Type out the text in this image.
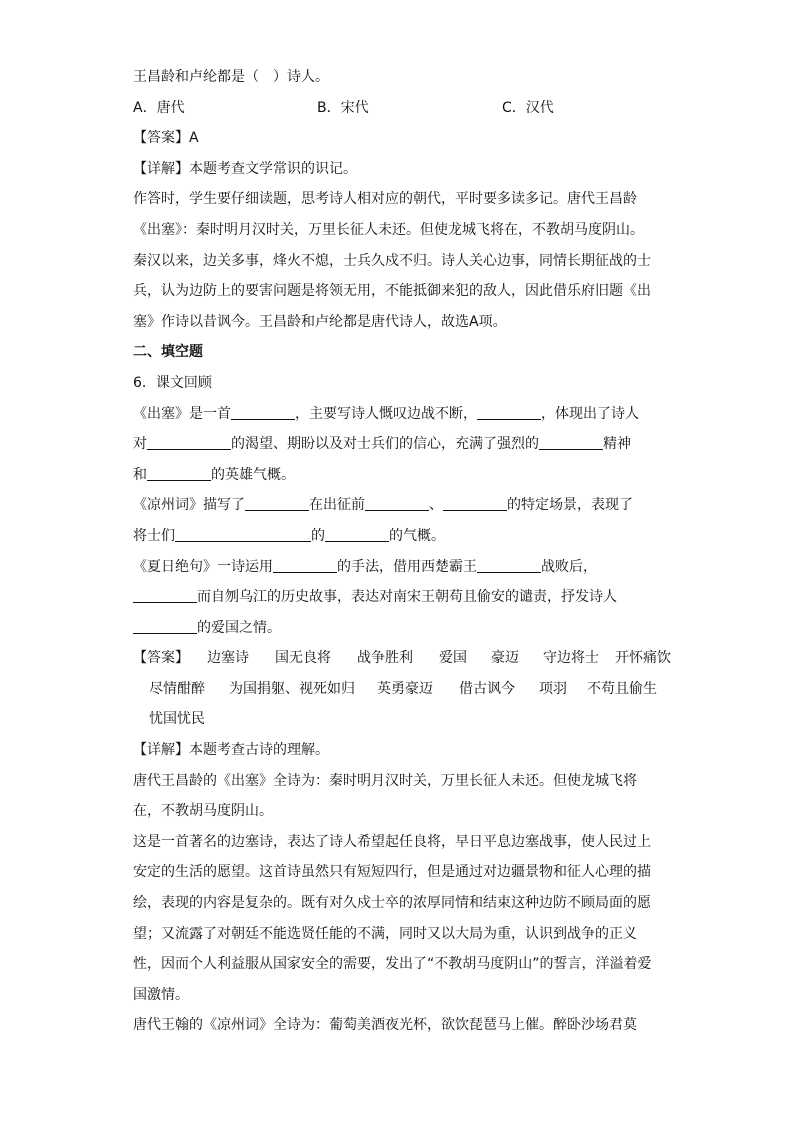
王昌龄和卢纶都是（　）诗人。
A．唐代	B．宋代	C．汉代
【答案】A
【详解】本题考查文学常识的识记。
作答时，学生要仔细读题，思考诗人相对应的朝代，平时要多读多记。唐代王昌龄
《出塞》：秦时明月汉时关，万里长征人未还。但使龙城飞将在，不教胡马度阴山。
秦汉以来，边关多事，烽火不熄，士兵久戍不归。诗人关心边事，同情长期征战的士
兵，认为边防上的要害问题是将领无用，不能抵御来犯的敌人，因此借乐府旧题《出
塞》作诗以昔讽今。王昌龄和卢纶都是唐代诗人，故选A项。
二、填空题
6．课文回顾
《出塞》是一首	，主要写诗人慨叹边战不断，	，体现出了诗人
对	的渴望、期盼以及对士兵们的信心，充满了强烈的	精神
和	的英雄气概。
《凉州词》描写了	在出征前	、	的特定场景，表现了
将士们	的	的气概。
《夏日绝句》一诗运用	的手法，借用西楚霸王	战败后，
而自刎乌江的历史故事，表达对南宋王朝苟且偷安的谴责，抒发诗人
的爱国之情。
【答案】 边塞诗 国无良将 战争胜利 爱国 豪迈 守边将士 开怀痛饮
尽情酣醉 为国捐躯、视死如归 英勇豪迈 借古讽今 项羽 不苟且偷生
忧国忧民
【详解】本题考查古诗的理解。
唐代王昌龄的《出塞》全诗为：秦时明月汉时关，万里长征人未还。但使龙城飞将
在，不教胡马度阴山。
这是一首著名的边塞诗，表达了诗人希望起任良将，早日平息边塞战事，使人民过上
安定的生活的愿望。这首诗虽然只有短短四行，但是通过对边疆景物和征人心理的描
绘，表现的内容是复杂的。既有对久戍士卒的浓厚同情和结束这种边防不顾局面的愿
望；又流露了对朝廷不能选贤任能的不满，同时又以大局为重，认识到战争的正义
性，因而个人利益服从国家安全的需要，发出了“不教胡马度阴山”的誓言，洋溢着爱
国激情。
唐代王翰的《凉州词》全诗为：葡萄美酒夜光杯，欲饮琵琶马上催。醉卧沙场君莫
